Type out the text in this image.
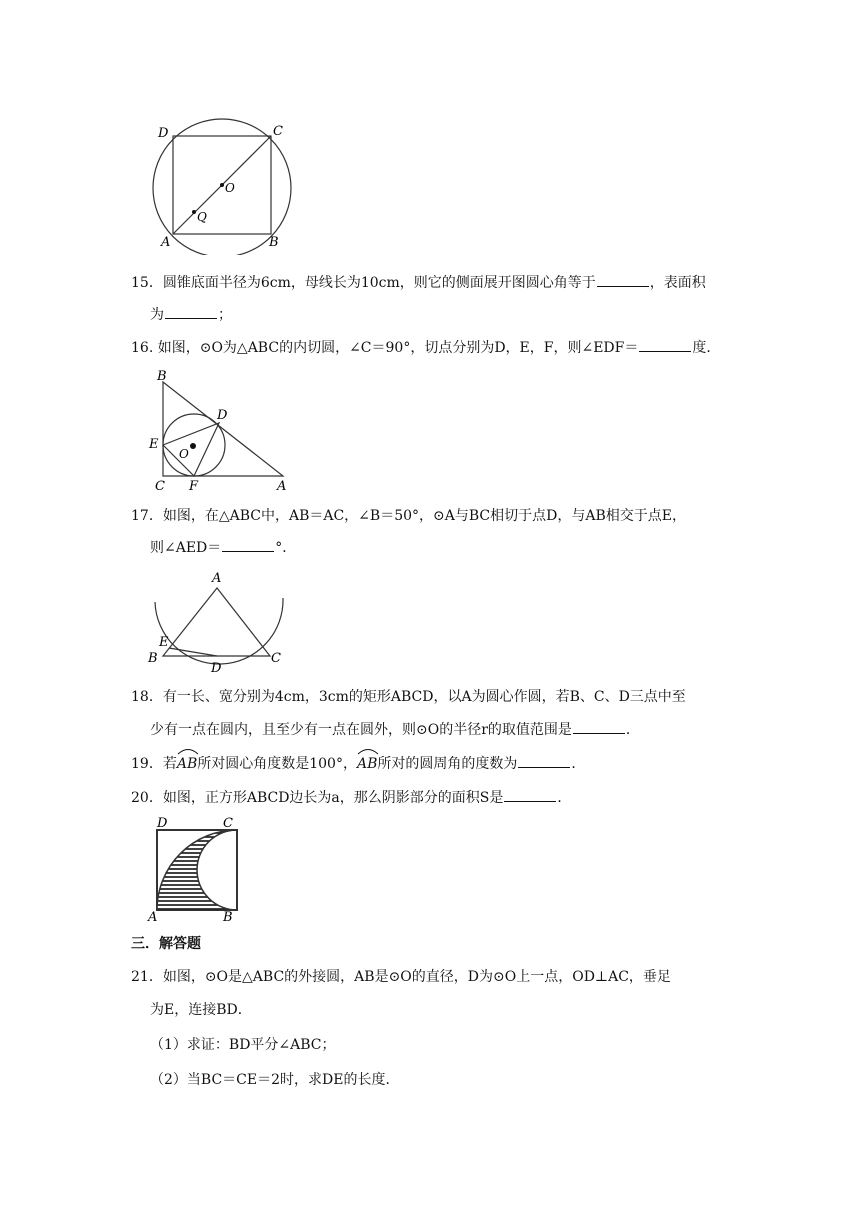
D	C
O
Q
A	B
15．圆锥底面半径为6cm，母线长为10cm，则它的侧面展开图圆心角等于	，表面积
为	；
16. 如图，⊙O为△ABC的内切圆，∠C＝90°，切点分别为D，E，F，则∠EDF＝	度．
B
D
E
O
C F	A
17．如图，在△ABC中，AB＝AC，∠B＝50°，⊙A与BC相切于点D，与AB相交于点E，
则∠AED＝	°．
A
E
B
D
C
18．有一长、宽分别为4cm，3cm的矩形ABCD，以A为圆心作圆，若B、C、D三点中至
少有一点在圆内，且至少有一点在圆外，则⊙O的半径r的取值范围是	．
19．若
AB所对圆心角度数是100°，
AB所对的圆周角的度数为	．
20．如图，正方形ABCD边长为a，那么阴影部分的面积S是	．
D	C
A	B
三．解答题
21．如图，⊙O是△ABC的外接圆，AB是⊙O的直径，D为⊙O上一点，OD⊥AC，垂足
为E，连接BD．
（1）求证：BD平分∠ABC；
（2）当BC＝CE＝2时，求DE的长度．
